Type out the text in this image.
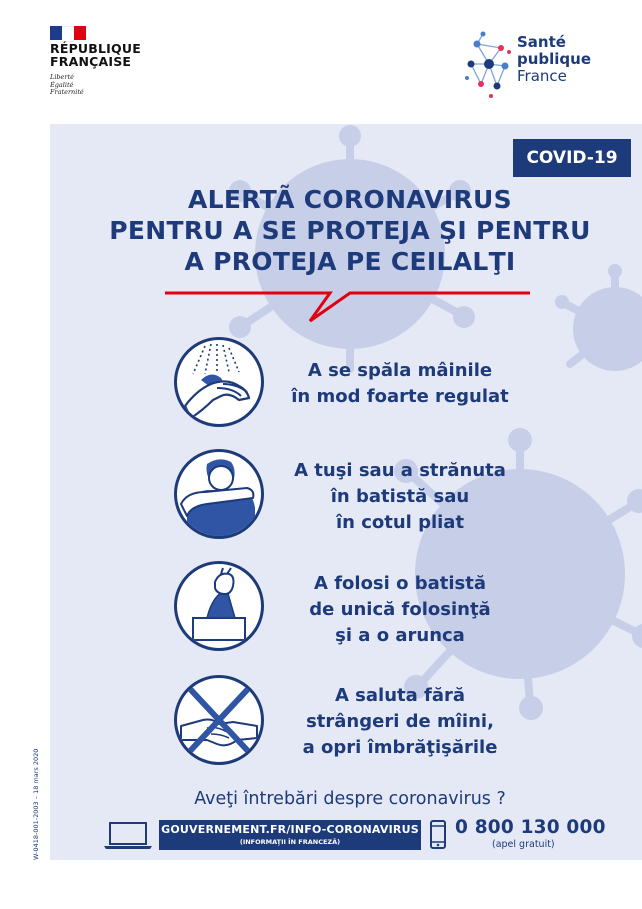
RÉPUBLIQUE
FRANÇAISE
Liberté
Égalité
Fraternité
Santé
publique
France
COVID-19
ALERTÃ CORONAVIRUS
PENTRU A SE PROTEJA ŞI PENTRU
A PROTEJA PE CEILALŢI
A se spăla mâinile
în mod foarte regulat
A tuşi sau a strănuta
în batistă sau
în cotul pliat
A folosi o batistă
de unică folosinţă
şi a o arunca
A saluta fără
strângeri de mîini,
a opri îmbrăţişările
Aveţi întrebări despre coronavirus ?
GOUVERNEMENT.FR/INFO-CORONAVIRUS
(INFORMAŢII ÎN FRANCEZĂ)
0 800 130 000
(apel gratuit)
W-0418-001-2003 – 18 mars 2020
